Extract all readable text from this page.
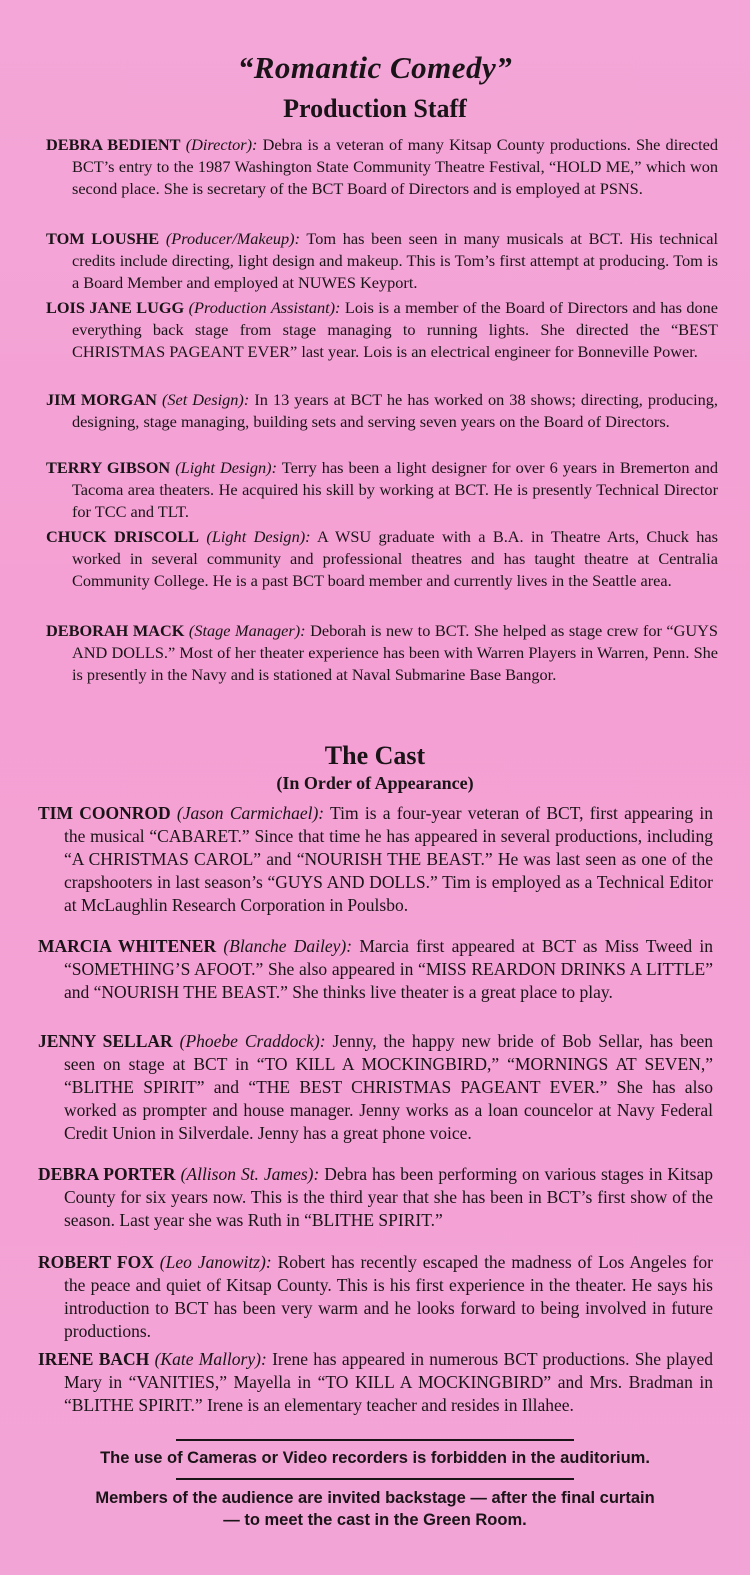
“Romantic Comedy”
Production Staff

DEBRA BEDIENT (Director): Debra is a veteran of many Kitsap County productions. She directed BCT’s entry to the 1987 Washington State Community Theatre Festival, “HOLD ME,” which won second place. She is secretary of the BCT Board of Directors and is employed at PSNS.

TOM LOUSHE (Producer/Makeup): Tom has been seen in many musicals at BCT. His technical credits include directing, light design and makeup. This is Tom’s first attempt at producing. Tom is a Board Member and employed at NUWES Keyport.

LOIS JANE LUGG (Production Assistant): Lois is a member of the Board of Directors and has done everything back stage from stage managing to running lights. She directed the “BEST CHRISTMAS PAGEANT EVER” last year. Lois is an electrical engineer for Bonneville Power.

JIM MORGAN (Set Design): In 13 years at BCT he has worked on 38 shows; directing, producing, designing, stage managing, building sets and serving seven years on the Board of Directors.

TERRY GIBSON (Light Design): Terry has been a light designer for over 6 years in Bremerton and Tacoma area theaters. He acquired his skill by working at BCT. He is presently Technical Director for TCC and TLT.

CHUCK DRISCOLL (Light Design): A WSU graduate with a B.A. in Theatre Arts, Chuck has worked in several community and professional theatres and has taught theatre at Centralia Community College. He is a past BCT board member and currently lives in the Seattle area.

DEBORAH MACK (Stage Manager): Deborah is new to BCT. She helped as stage crew for “GUYS AND DOLLS.” Most of her theater experience has been with Warren Players in Warren, Penn. She is presently in the Navy and is stationed at Naval Submarine Base Bangor.

The Cast
(In Order of Appearance)

TIM COONROD (Jason Carmichael): Tim is a four-year veteran of BCT, first appearing in the musical “CABARET.” Since that time he has appeared in several productions, including “A CHRISTMAS CAROL” and “NOURISH THE BEAST.” He was last seen as one of the crapshooters in last season’s “GUYS AND DOLLS.” Tim is employed as a Technical Editor at McLaughlin Research Corporation in Poulsbo.

MARCIA WHITENER (Blanche Dailey): Marcia first appeared at BCT as Miss Tweed in “SOMETHING’S AFOOT.” She also appeared in “MISS REARDON DRINKS A LITTLE” and “NOURISH THE BEAST.” She thinks live theater is a great place to play.

JENNY SELLAR (Phoebe Craddock): Jenny, the happy new bride of Bob Sellar, has been seen on stage at BCT in “TO KILL A MOCKINGBIRD,” “MORNINGS AT SEVEN,” “BLITHE SPIRIT” and “THE BEST CHRISTMAS PAGEANT EVER.” She has also worked as prompter and house manager. Jenny works as a loan councelor at Navy Federal Credit Union in Silverdale. Jenny has a great phone voice.

DEBRA PORTER (Allison St. James): Debra has been performing on various stages in Kitsap County for six years now. This is the third year that she has been in BCT’s first show of the season. Last year she was Ruth in “BLITHE SPIRIT.”

ROBERT FOX (Leo Janowitz): Robert has recently escaped the madness of Los Angeles for the peace and quiet of Kitsap County. This is his first experience in the theater. He says his introduction to BCT has been very warm and he looks forward to being involved in future productions.

IRENE BACH (Kate Mallory): Irene has appeared in numerous BCT productions. She played Mary in “VANITIES,” Mayella in “TO KILL A MOCKINGBIRD” and Mrs. Bradman in “BLITHE SPIRIT.” Irene is an elementary teacher and resides in Illahee.

The use of Cameras or Video recorders is forbidden in the auditorium.
Members of the audience are invited backstage — after the final curtain
— to meet the cast in the Green Room.
